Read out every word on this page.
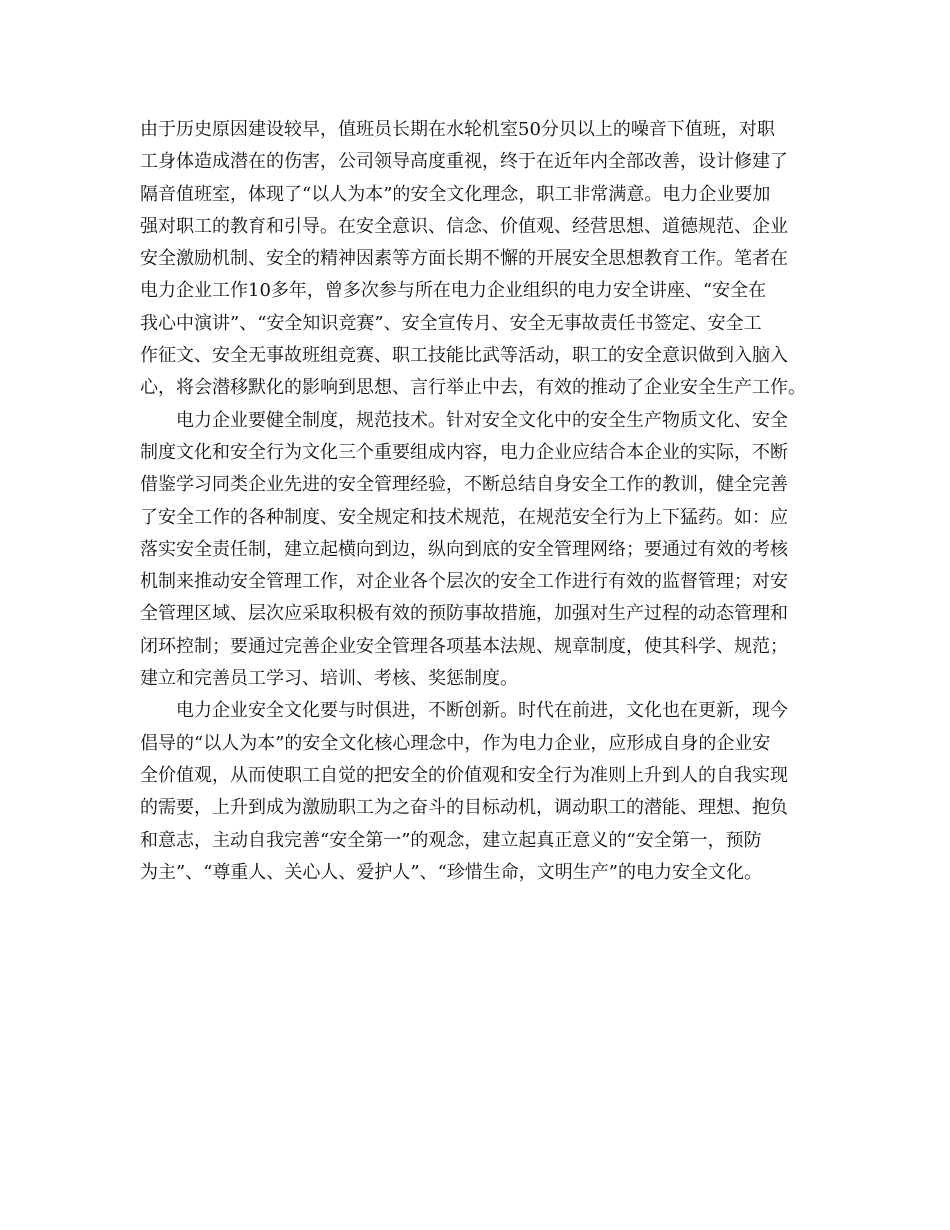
由于历史原因建设较早，值班员长期在水轮机室50分贝以上的噪音下值班，对职
工身体造成潜在的伤害，公司领导高度重视，终于在近年内全部改善，设计修建了
隔音值班室，体现了“以人为本”的安全文化理念，职工非常满意。电力企业要加
强对职工的教育和引导。在安全意识、信念、价值观、经营思想、道德规范、企业
安全激励机制、安全的精神因素等方面长期不懈的开展安全思想教育工作。笔者在
电力企业工作10多年，曾多次参与所在电力企业组织的电力安全讲座、“安全在
我心中演讲”、“安全知识竞赛”、安全宣传月、安全无事故责任书签定、安全工
作征文、安全无事故班组竞赛、职工技能比武等活动，职工的安全意识做到入脑入
心，将会潜移默化的影响到思想、言行举止中去，有效的推动了企业安全生产工作。
电力企业要健全制度，规范技术。针对安全文化中的安全生产物质文化、安全
制度文化和安全行为文化三个重要组成内容，电力企业应结合本企业的实际，不断
借鉴学习同类企业先进的安全管理经验，不断总结自身安全工作的教训，健全完善
了安全工作的各种制度、安全规定和技术规范，在规范安全行为上下猛药。如：应
落实安全责任制，建立起横向到边，纵向到底的安全管理网络；要通过有效的考核
机制来推动安全管理工作，对企业各个层次的安全工作进行有效的监督管理；对安
全管理区域、层次应采取积极有效的预防事故措施，加强对生产过程的动态管理和
闭环控制；要通过完善企业安全管理各项基本法规、规章制度，使其科学、规范；
建立和完善员工学习、培训、考核、奖惩制度。
电力企业安全文化要与时俱进，不断创新。时代在前进，文化也在更新，现今
倡导的“以人为本”的安全文化核心理念中，作为电力企业，应形成自身的企业安
全价值观，从而使职工自觉的把安全的价值观和安全行为准则上升到人的自我实现
的需要，上升到成为激励职工为之奋斗的目标动机，调动职工的潜能、理想、抱负
和意志，主动自我完善“安全第一”的观念，建立起真正意义的“安全第一，预防
为主”、“尊重人、关心人、爱护人”、“珍惜生命，文明生产”的电力安全文化。
